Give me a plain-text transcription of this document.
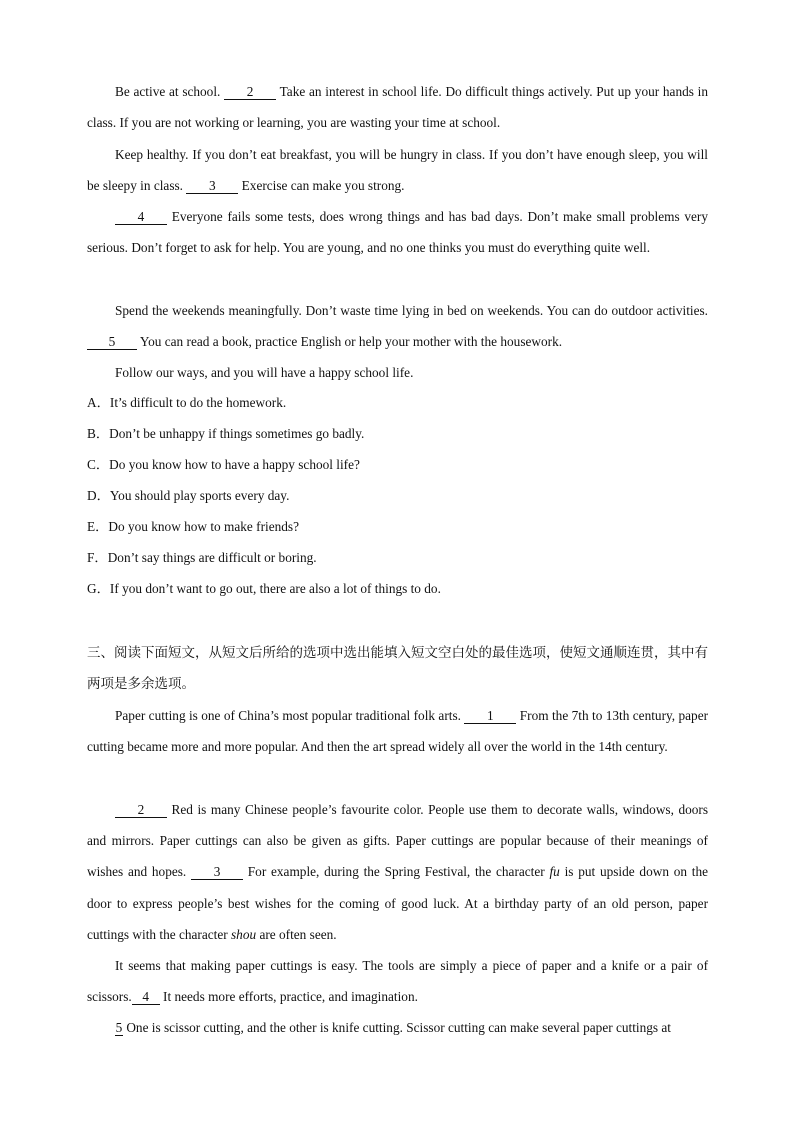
Be active at school. 2 Take an interest in school life. Do difficult things actively. Put up your hands in class. If you are not working or learning, you are wasting your time at school.

Keep healthy. If you don’t eat breakfast, you will be hungry in class. If you don’t have enough sleep, you will be sleepy in class. 3 Exercise can make you strong.

4 Everyone fails some tests, does wrong things and has bad days. Don’t make small problems very serious. Don’t forget to ask for help. You are young, and no one thinks you must do everything quite well.

Spend the weekends meaningfully. Don’t waste time lying in bed on weekends. You can do outdoor activities. 5 You can read a book, practice English or help your mother with the housework.

Follow our ways, and you will have a happy school life.

A．It’s difficult to do the homework.

B．Don’t be unhappy if things sometimes go badly.

C．Do you know how to have a happy school life?

D．You should play sports every day.

E．Do you know how to make friends?

F．Don’t say things are difficult or boring.

G．If you don’t want to go out, there are also a lot of things to do.

三、阅读下面短文，从短文后所给的选项中选出能填入短文空白处的最佳选项，使短文通顺连贯，其中有两项是多余选项。

Paper cutting is one of China’s most popular traditional folk arts. 1 From the 7th to 13th century, paper cutting became more and more popular. And then the art spread widely all over the world in the 14th century.

2 Red is many Chinese people’s favourite color. People use them to decorate walls, windows, doors and mirrors. Paper cuttings can also be given as gifts. Paper cuttings are popular because of their meanings of wishes and hopes. 3 For example, during the Spring Festival, the character fu is put upside down on the door to express people’s best wishes for the coming of good luck. At a birthday party of an old person, paper cuttings with the character shou are often seen.

It seems that making paper cuttings is easy. The tools are simply a piece of paper and a knife or a pair of scissors. 4 It needs more efforts, practice, and imagination.

5 One is scissor cutting, and the other is knife cutting. Scissor cutting can make several paper cuttings at
